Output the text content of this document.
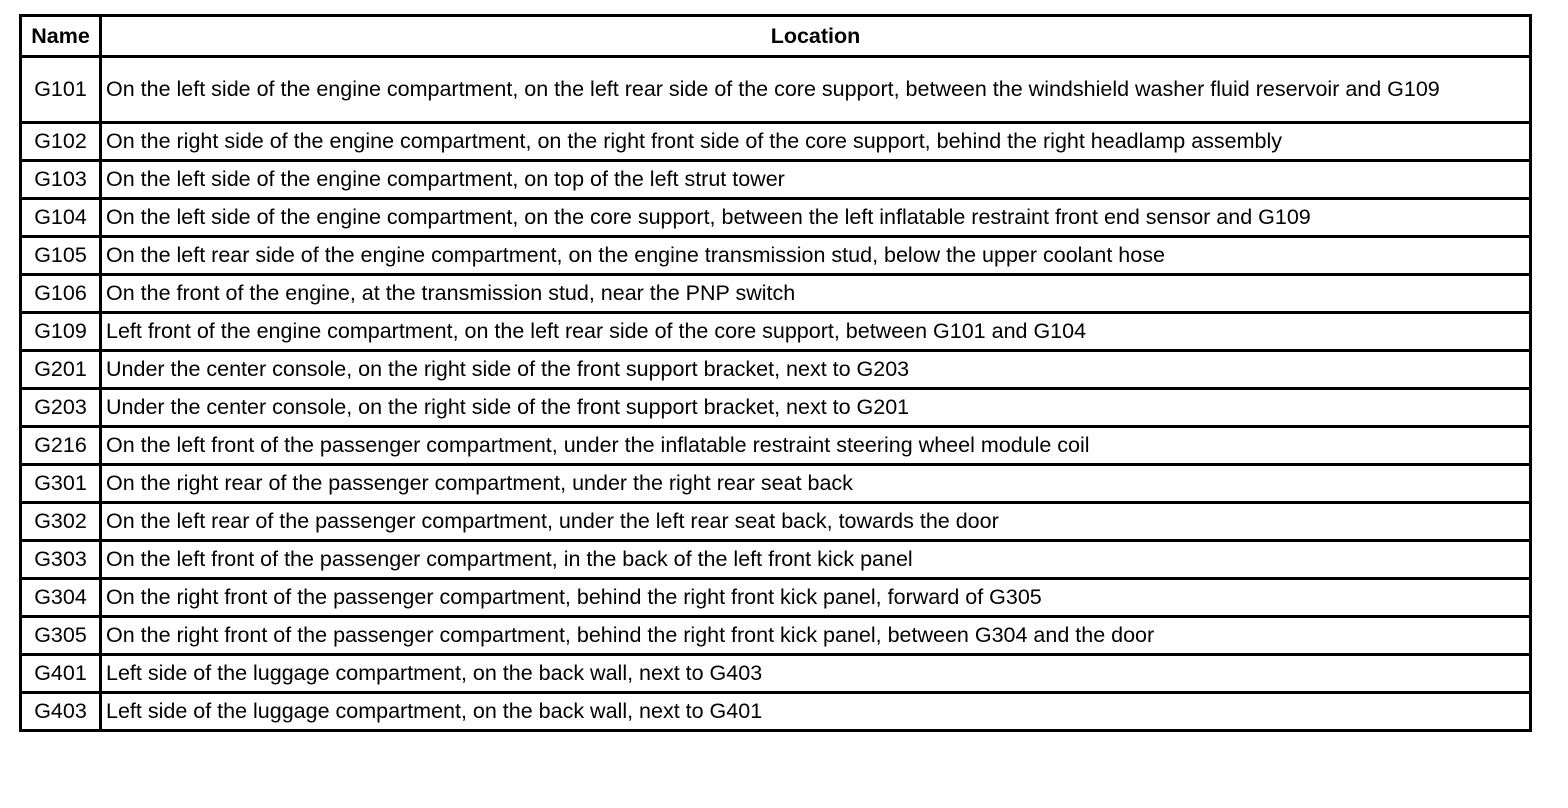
Name	Location
G101	On the left side of the engine compartment, on the left rear side of the core support, between the windshield washer fluid reservoir and G109
G102	On the right side of the engine compartment, on the right front side of the core support, behind the right headlamp assembly
G103	On the left side of the engine compartment, on top of the left strut tower
G104	On the left side of the engine compartment, on the core support, between the left inflatable restraint front end sensor and G109
G105	On the left rear side of the engine compartment, on the engine transmission stud, below the upper coolant hose
G106	On the front of the engine, at the transmission stud, near the PNP switch
G109	Left front of the engine compartment, on the left rear side of the core support, between G101 and G104
G201	Under the center console, on the right side of the front support bracket, next to G203
G203	Under the center console, on the right side of the front support bracket, next to G201
G216	On the left front of the passenger compartment, under the inflatable restraint steering wheel module coil
G301	On the right rear of the passenger compartment, under the right rear seat back
G302	On the left rear of the passenger compartment, under the left rear seat back, towards the door
G303	On the left front of the passenger compartment, in the back of the left front kick panel
G304	On the right front of the passenger compartment, behind the right front kick panel, forward of G305
G305	On the right front of the passenger compartment, behind the right front kick panel, between G304 and the door
G401	Left side of the luggage compartment, on the back wall, next to G403
G403	Left side of the luggage compartment, on the back wall, next to G401
